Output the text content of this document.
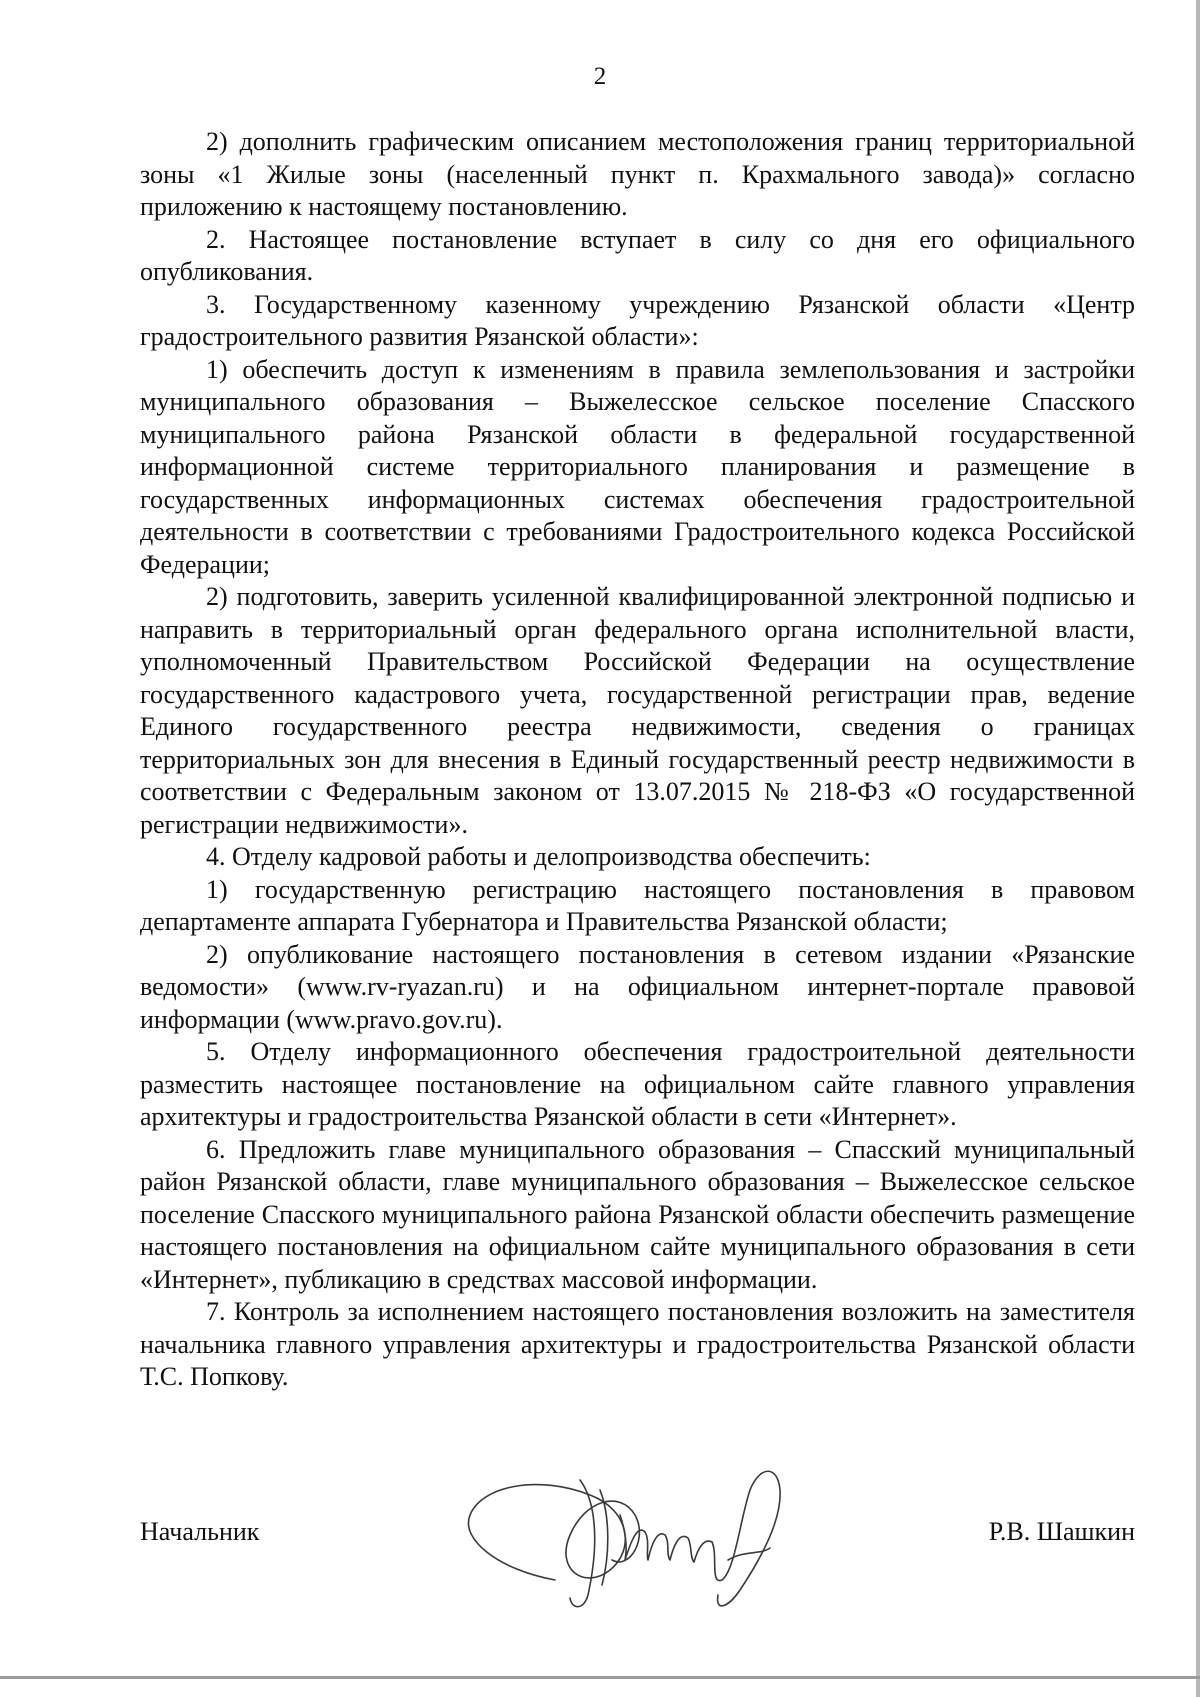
2

2) дополнить графическим описанием местоположения границ территориальной зоны «1 Жилые зоны (населенный пункт п. Крахмального завода)» согласно приложению к настоящему постановлению.

2. Настоящее постановление вступает в силу со дня его официального опубликования.

3. Государственному казенному учреждению Рязанской области «Центр градостроительного развития Рязанской области»:

1) обеспечить доступ к изменениям в правила землепользования и застройки муниципального образования – Выжелесское сельское поселение Спасского муниципального района Рязанской области в федеральной государственной информационной системе территориального планирования и размещение в государственных информационных системах обеспечения градостроительной деятельности в соответствии с требованиями Градостроительного кодекса Российской Федерации;

2) подготовить, заверить усиленной квалифицированной электронной подписью и направить в территориальный орган федерального органа исполнительной власти, уполномоченный Правительством Российской Федерации на осуществление государственного кадастрового учета, государственной регистрации прав, ведение Единого государственного реестра недвижимости, сведения о границах территориальных зон для внесения в Единый государственный реестр недвижимости в соответствии с Федеральным законом от 13.07.2015 № 218-ФЗ «О государственной регистрации недвижимости».

4. Отделу кадровой работы и делопроизводства обеспечить:

1) государственную регистрацию настоящего постановления в правовом департаменте аппарата Губернатора и Правительства Рязанской области;

2) опубликование настоящего постановления в сетевом издании «Рязанские ведомости» (www.rv-ryazan.ru) и на официальном интернет-портале правовой информации (www.pravo.gov.ru).

5. Отделу информационного обеспечения градостроительной деятельности разместить настоящее постановление на официальном сайте главного управления архитектуры и градостроительства Рязанской области в сети «Интернет».

6. Предложить главе муниципального образования – Спасский муниципальный район Рязанской области, главе муниципального образования – Выжелесское сельское поселение Спасского муниципального района Рязанской области обеспечить размещение настоящего постановления на официальном сайте муниципального образования в сети «Интернет», публикацию в средствах массовой информации.

7. Контроль за исполнением настоящего постановления возложить на заместителя начальника главного управления архитектуры и градостроительства Рязанской области Т.С. Попкову.

Начальник	Р.В. Шашкин
